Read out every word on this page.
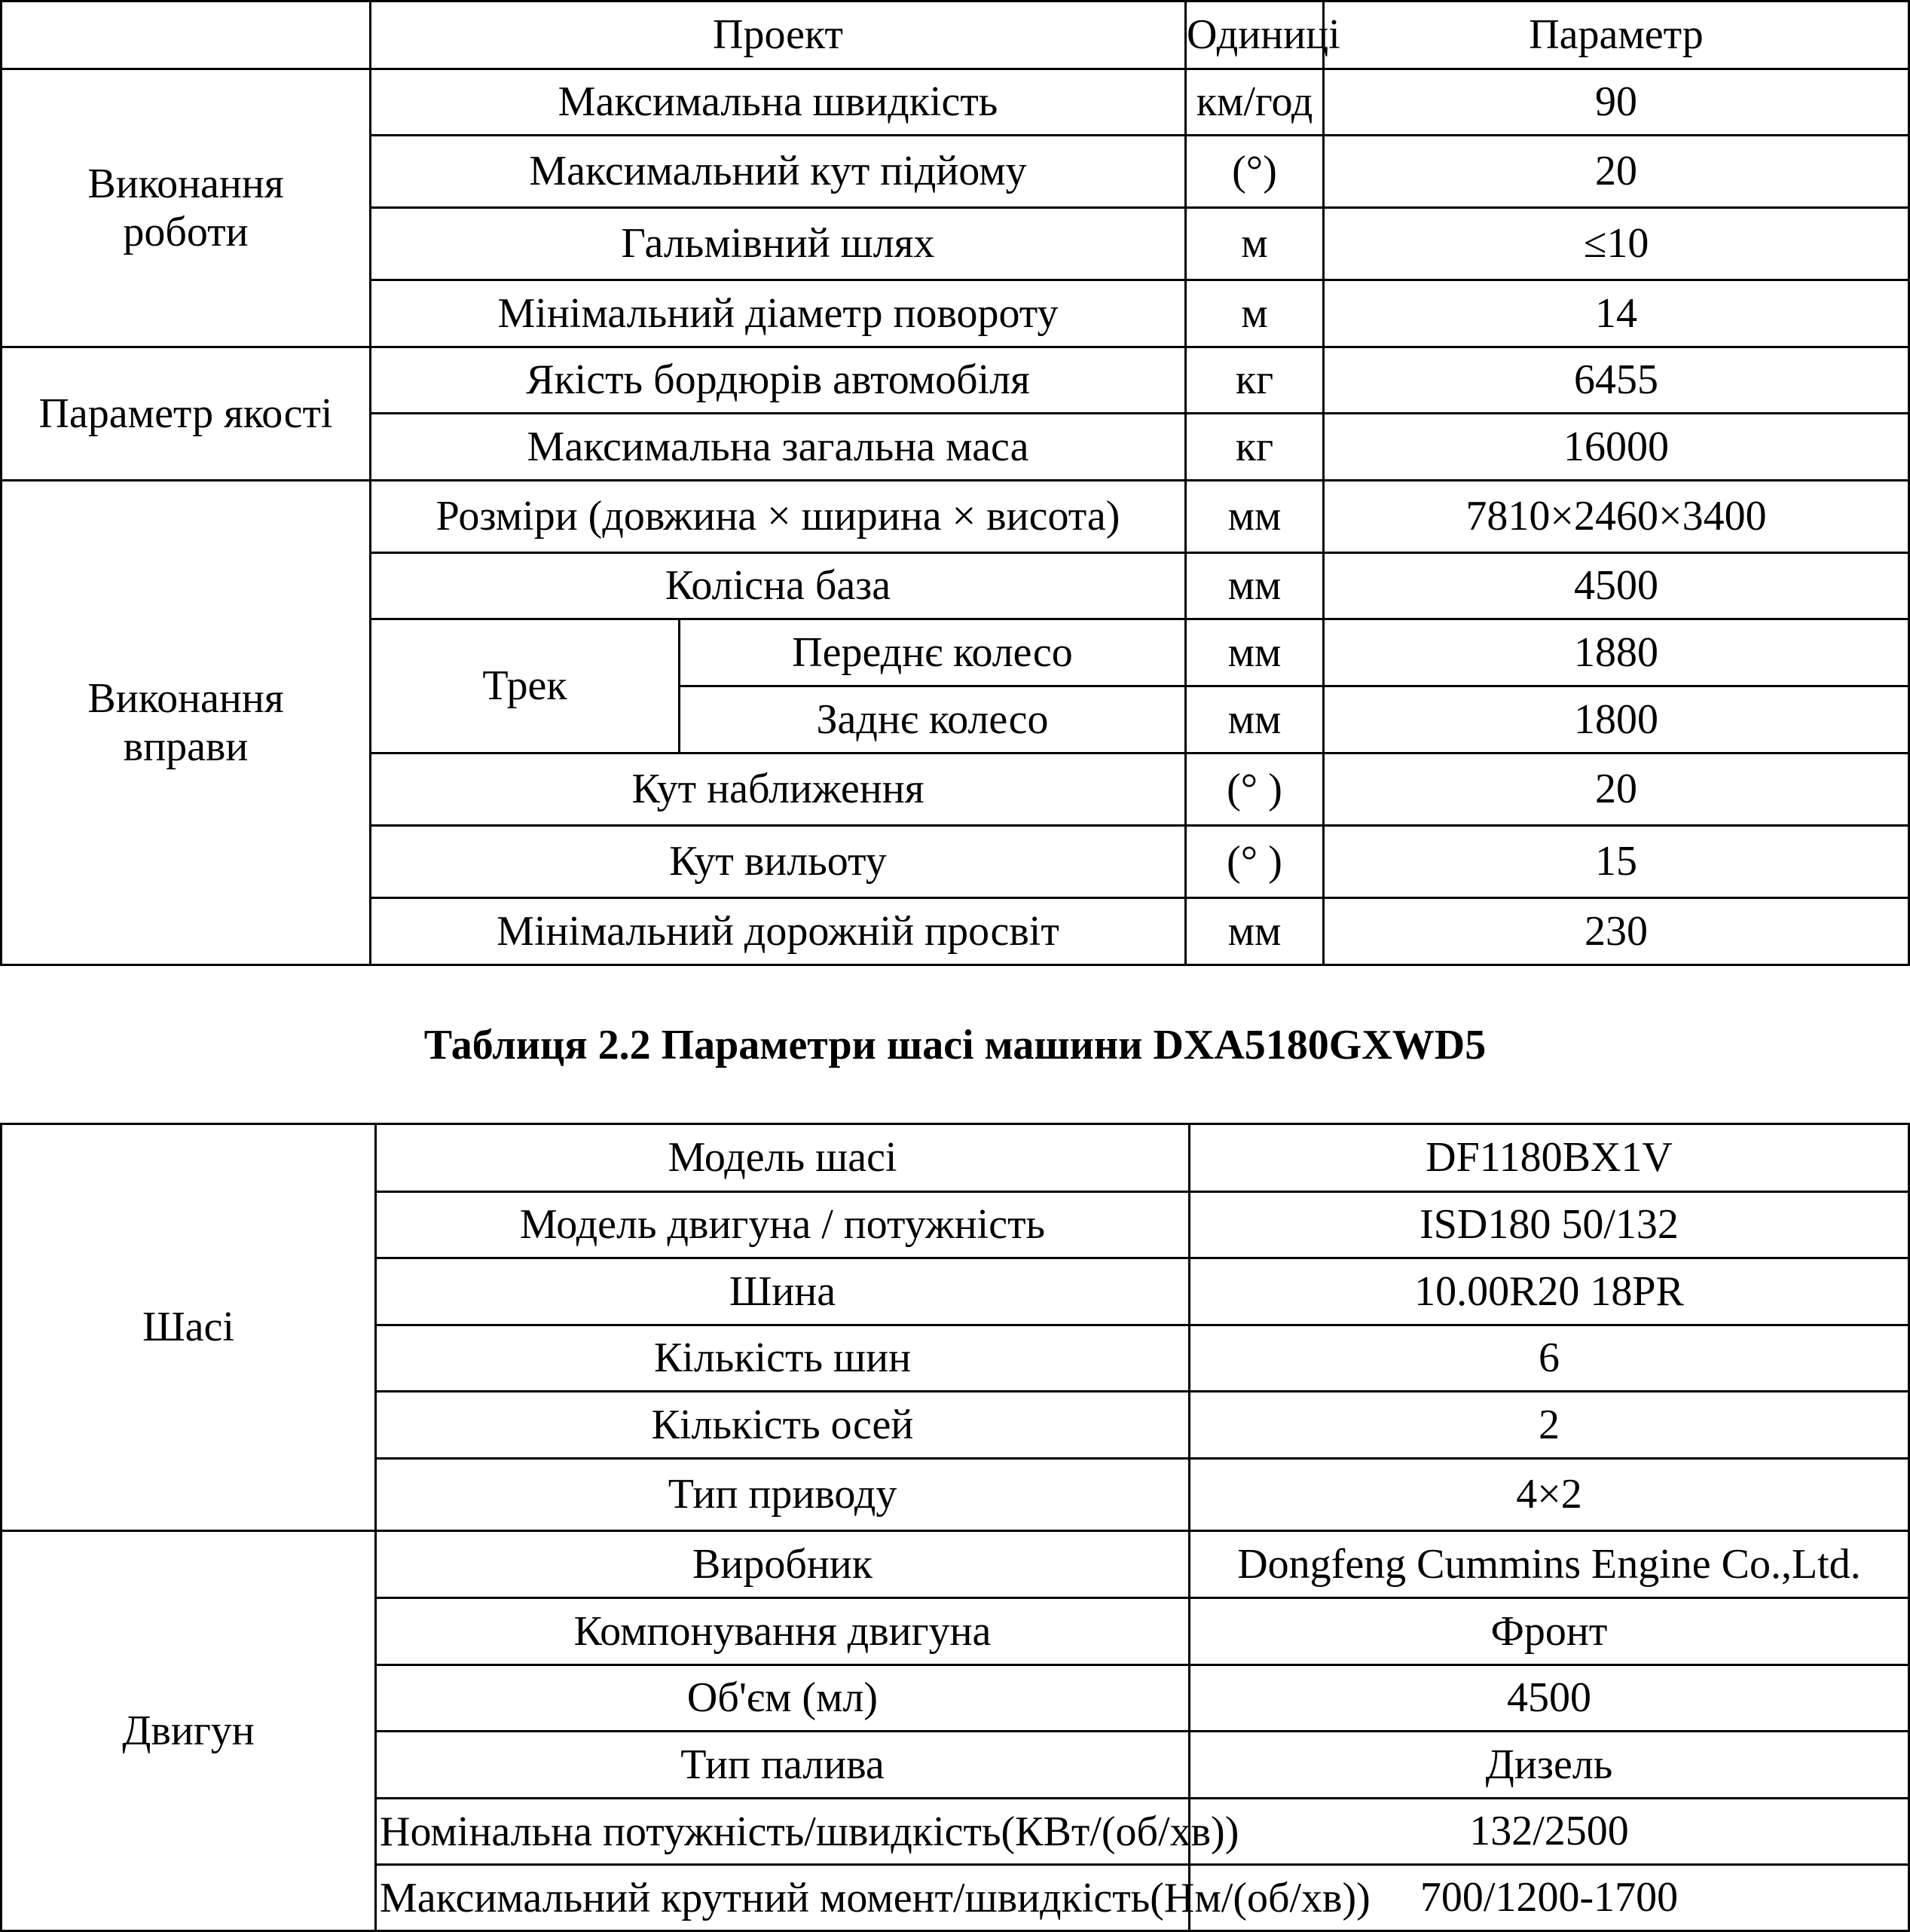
	Проект		Одиниці	Параметр
Виконання
роботи	Максимальна швидкість		км/год	90
	Максимальний кут підйому		(°)	20
	Гальмівний шлях		м	≤10
	Мінімальний діаметр повороту		м	14
Параметр якості	Якість бордюрів автомобіля		кг	6455
	Максимальна загальна маса		кг	16000
Виконання
вправи	Розміри (довжина × ширина × висота)		мм	7810×2460×3400
	Колісна база		мм	4500
	Трек	Переднє колесо	мм	1880
		Заднє колесо	мм	1800
	Кут наближення		(° )	20
	Кут вильоту		(° )	15
	Мінімальний дорожній просвіт		мм	230
Таблиця 2.2 Параметри шасі машини DXA5180GXWD5
Шасі	Модель шасі	DF1180BX1V
	Модель двигуна / потужність	ISD180 50/132
	Шина	10.00R20 18PR
	Кількість шин	6
	Кількість осей	2
	Тип приводу	4×2
Двигун	Виробник	Dongfeng Cummins Engine Co.,Ltd.
	Компонування двигуна	Фронт
	Об'єм (мл)	4500
	Тип палива	Дизель

	Номінальна потужність/швидкість(КВт/(об/хв))	132/2500

	Максимальний крутний момент/швидкість(Нм/(об/хв))	700/1200-1700
